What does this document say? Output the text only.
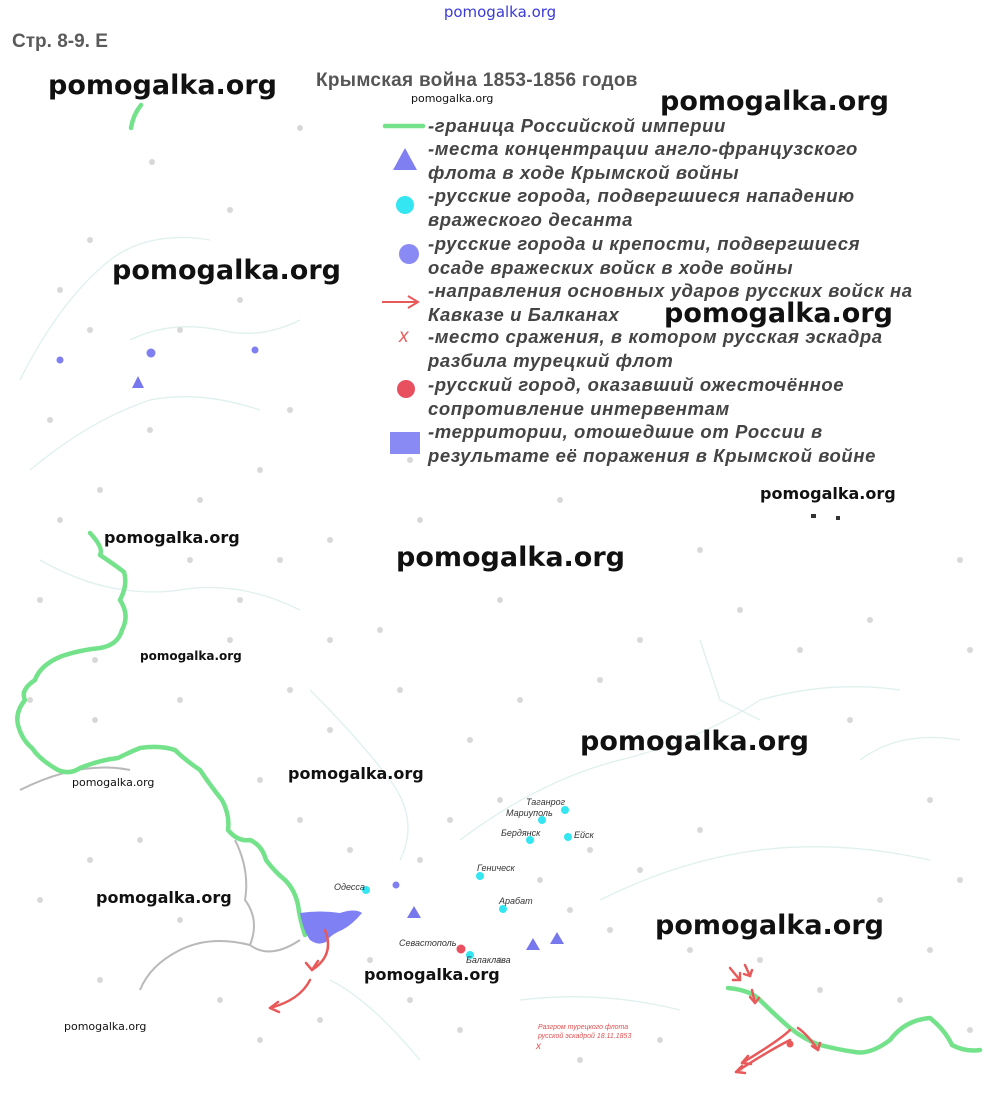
pomogalka.org
Стр. 8-9. E
Крымская война 1853-1856 годов
-граница Российской империи
-места концентрации англо-французского флота в ходе Крымской войны
-русские города, подвергшиеся нападению вражеского десанта
-русские города и крепости, подвергшиеся осаде вражеских войск в ходе войны
-направления основных ударов русских войск на Кавказе и Балканах
-место сражения, в котором русская эскадра разбила турецкий флот
x
-русский город, оказавший ожесточённое сопротивление интервентам
-территории, отошедшие от России в результате её поражения в Крымской войне
Таганрог
Мариуполь
Бердянск	Ейск
Геническ
Арабат
Одесса
Севастополь
Балаклава
Разгром турецкого флота
русской эскадрой 18.11.1853
x
pomogalka.org	pomogalka.org	pomogalka.org
pomogalka.org
pomogalka.org
pomogalka.org
pomogalka.org
pomogalka.org
pomogalka.org
pomogalka.org
pomogalka.org
pomogalka.org
pomogalka.org
pomogalka.org
pomogalka.org
pomogalka.org
